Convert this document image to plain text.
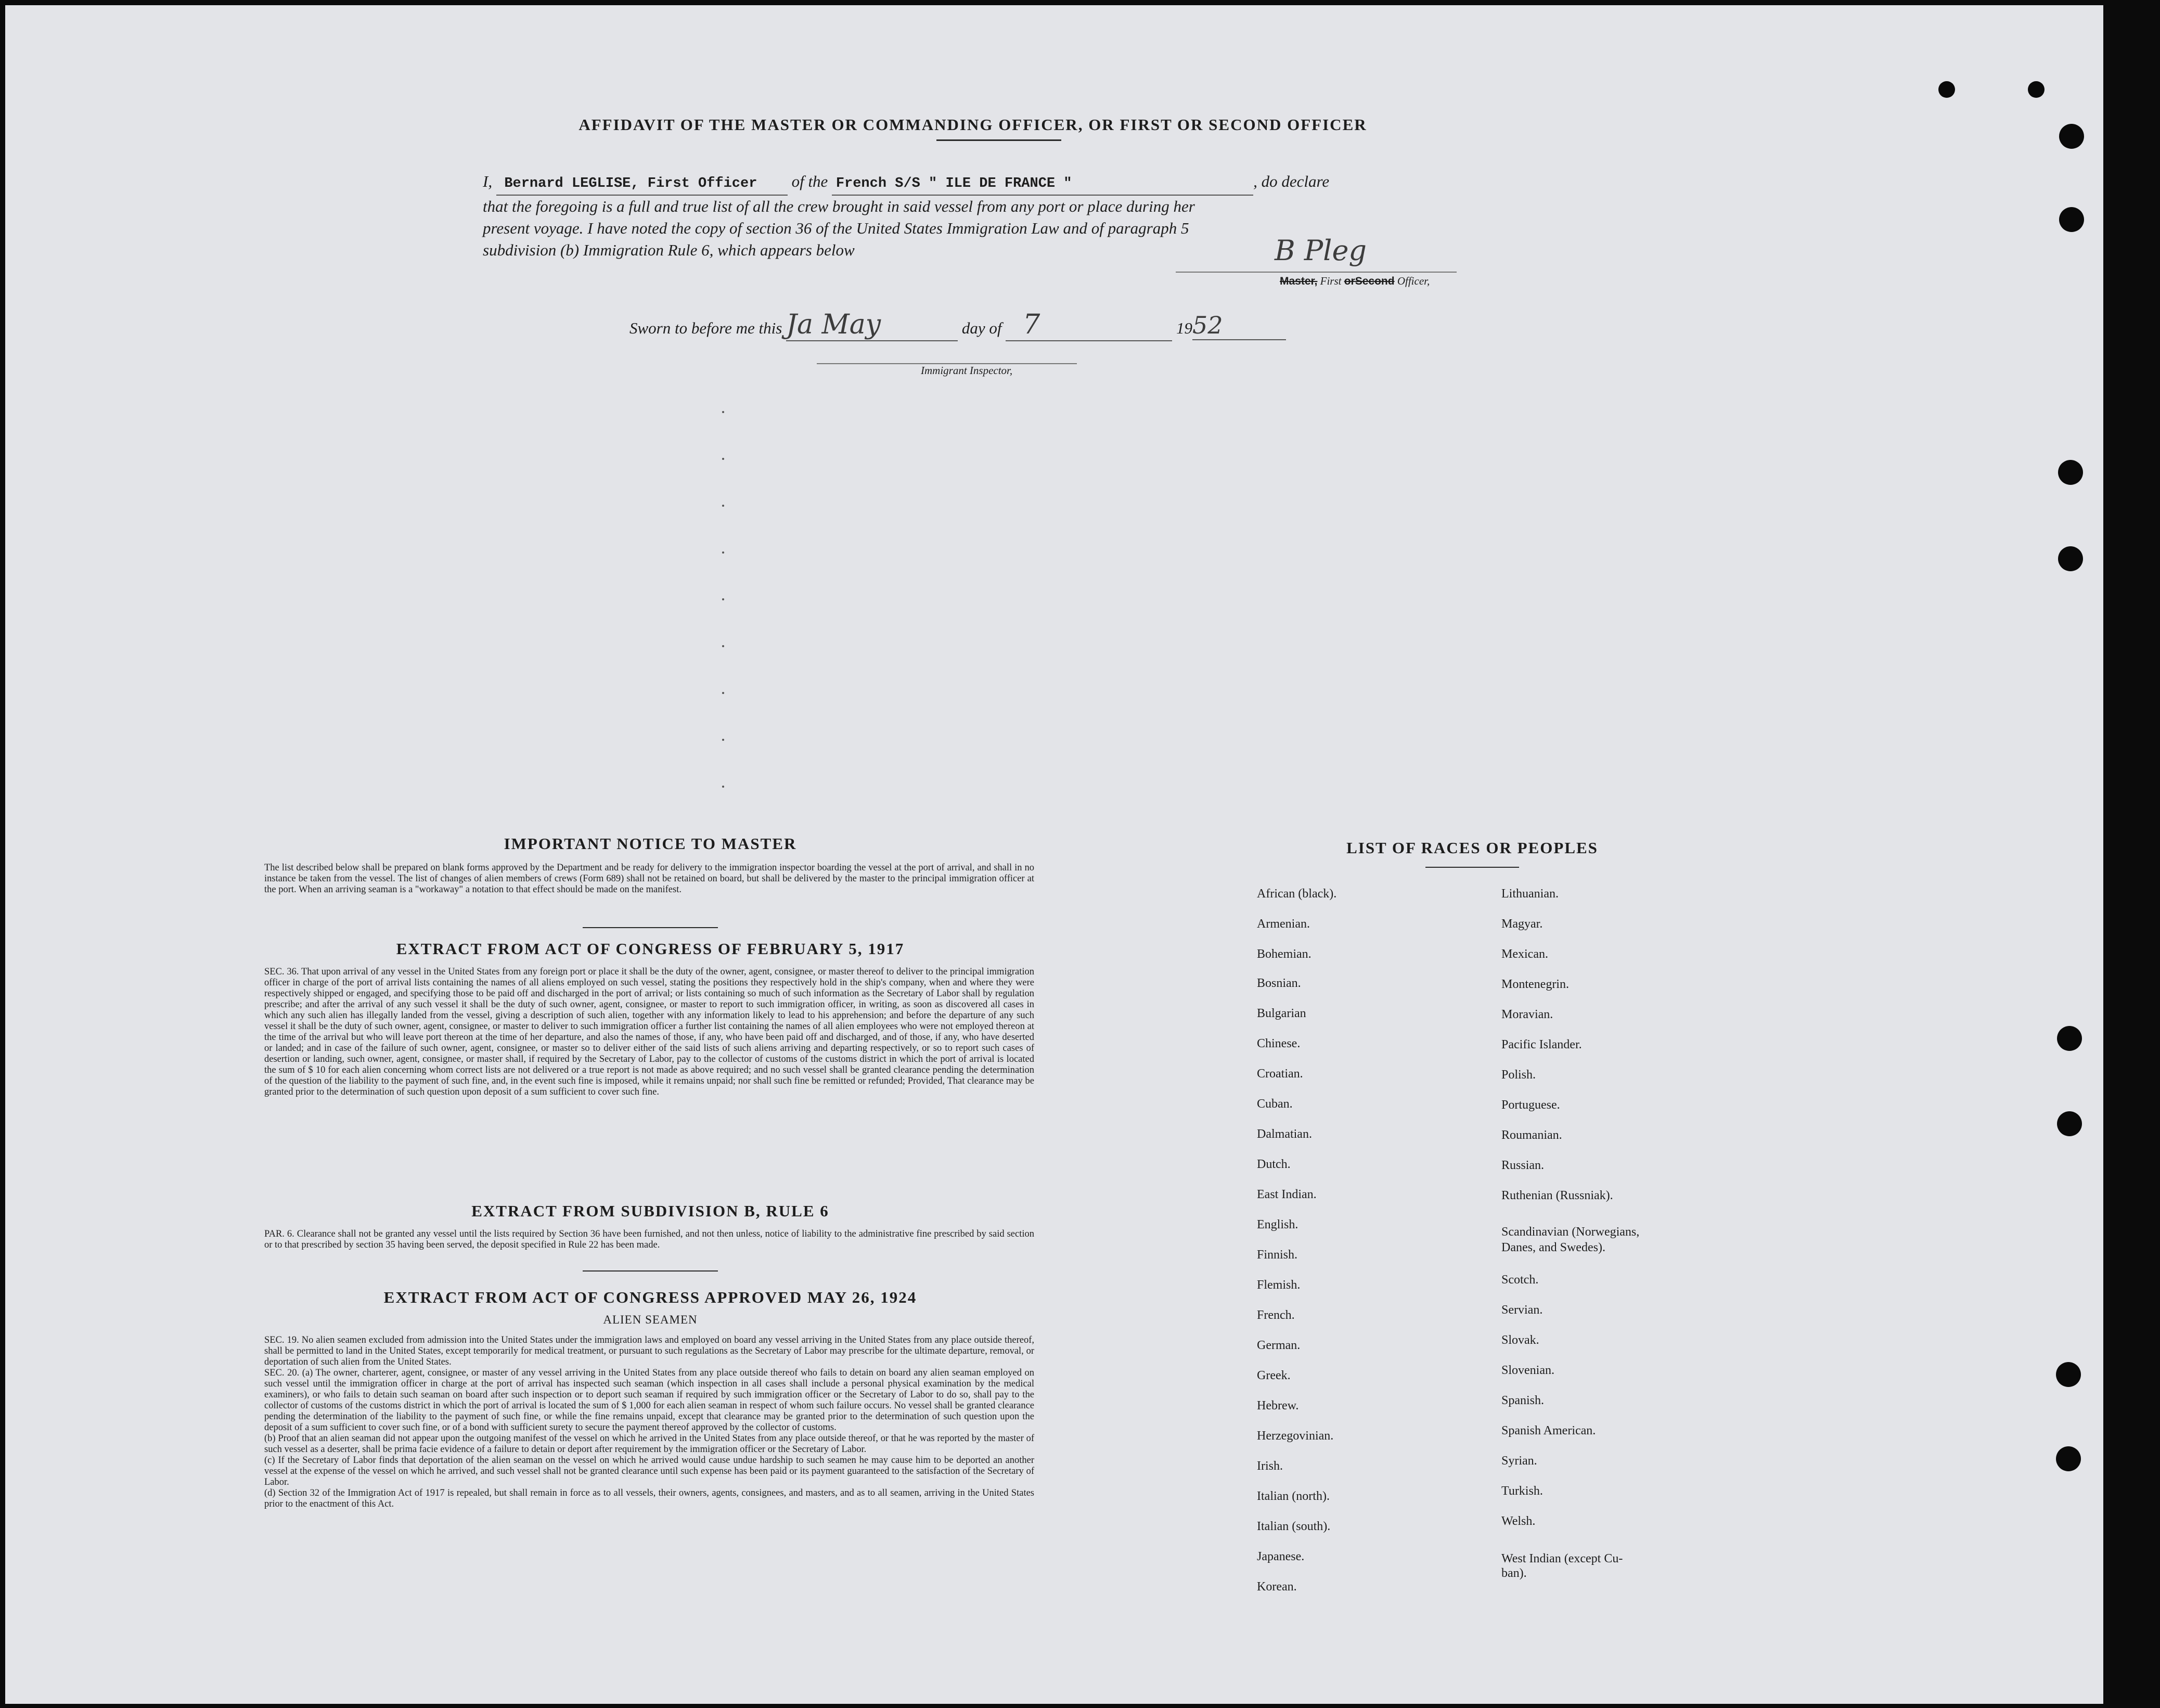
AFFIDAVIT OF THE MASTER OR COMMANDING OFFICER, OR FIRST OR SECOND OFFICER
I, Bernard LEGLISE, First Officer of the French S/S " ILE DE FRANCE "	, do declare
that the foregoing is a full and true list of all the crew brought in said vessel from any port or place during her
present voyage. I have noted the copy of section 36 of the United States Immigration Law and of paragraph 5
subdivision (b) Immigration Rule 6, which appears below	B Pleg
Master, First orSecond Officer,
Sworn to before me this Ja May	day of 7	1952
Immigrant Inspector,
IMPORTANT NOTICE TO MASTER
The list described below shall be prepared on blank forms approved by the Department and be ready for delivery to the immigration inspector boarding the vessel at the port of arrival, and shall in no instance be taken from the vessel. The list of changes of alien members of crews (Form 689) shall not be retained on board, but shall be delivered by the master to the principal immigration officer at the port. When an arriving seaman is a "workaway" a notation to that effect should be made on the manifest.
EXTRACT FROM ACT OF CONGRESS OF FEBRUARY 5, 1917
SEC. 36. That upon arrival of any vessel in the United States from any foreign port or place it shall be the duty of the owner, agent, consignee, or master thereof to deliver to the principal immigration officer in charge of the port of arrival lists containing the names of all aliens employed on such vessel, stating the positions they respectively hold in the ship's company, when and where they were respectively shipped or engaged, and specifying those to be paid off and discharged in the port of arrival; or lists containing so much of such information as the Secretary of Labor shall by regulation prescribe; and after the arrival of any such vessel it shall be the duty of such owner, agent, consignee, or master to report to such immigration officer, in writing, as soon as discovered all cases in which any such alien has illegally landed from the vessel, giving a description of such alien, together with any information likely to lead to his apprehension; and before the departure of any such vessel it shall be the duty of such owner, agent, consignee, or master to deliver to such immigration officer a further list containing the names of all alien employees who were not employed thereon at the time of the arrival but who will leave port thereon at the time of her departure, and also the names of those, if any, who have been paid off and discharged, and of those, if any, who have deserted or landed; and in case of the failure of such owner, agent, consignee, or master so to deliver either of the said lists of such aliens arriving and departing respectively, or so to report such cases of desertion or landing, such owner, agent, consignee, or master shall, if required by the Secretary of Labor, pay to the collector of customs of the customs district in which the port of arrival is located the sum of $ 10 for each alien concerning whom correct lists are not delivered or a true report is not made as above required; and no such vessel shall be granted clearance pending the determination of the question of the liability to the payment of such fine, and, in the event such fine is imposed, while it remains unpaid; nor shall such fine be remitted or refunded; Provided, That clearance may be granted prior to the determination of such question upon deposit of a sum sufficient to cover such fine.
EXTRACT FROM SUBDIVISION B, RULE 6
PAR. 6. Clearance shall not be granted any vessel until the lists required by Section 36 have been furnished, and not then unless, notice of liability to the administrative fine prescribed by said section or to that prescribed by section 35 having been served, the deposit specified in Rule 22 has been made.
EXTRACT FROM ACT OF CONGRESS APPROVED MAY 26, 1924
ALIEN SEAMEN
SEC. 19. No alien seamen excluded from admission into the United States under the immigration laws and employed on board any vessel arriving in the United States from any place outside thereof, shall be permitted to land in the United States, except temporarily for medical treatment, or pursuant to such regulations as the Secretary of Labor may prescribe for the ultimate departure, removal, or deportation of such alien from the United States.
SEC. 20. (a) The owner, charterer, agent, consignee, or master of any vessel arriving in the United States from any place outside thereof who fails to detain on board any alien seaman employed on such vessel until the immigration officer in charge at the port of arrival has inspected such seaman (which inspection in all cases shall include a personal physical examination by the medical examiners), or who fails to detain such seaman on board after such inspection or to deport such seaman if required by such immigration officer or the Secretary of Labor to do so, shall pay to the collector of customs of the customs district in which the port of arrival is located the sum of $ 1,000 for each alien seaman in respect of whom such failure occurs. No vessel shall be granted clearance pending the determination of the liability to the payment of such fine, or while the fine remains unpaid, except that clearance may be granted prior to the determination of such question upon the deposit of a sum sufficient to cover such fine, or of a bond with sufficient surety to secure the payment thereof approved by the collector of customs.
(b) Proof that an alien seaman did not appear upon the outgoing manifest of the vessel on which he arrived in the United States from any place outside thereof, or that he was reported by the master of such vessel as a deserter, shall be prima facie evidence of a failure to detain or deport after requirement by the immigration officer or the Secretary of Labor.
(c) If the Secretary of Labor finds that deportation of the alien seaman on the vessel on which he arrived would cause undue hardship to such seamen he may cause him to be deported an another vessel at the expense of the vessel on which he arrived, and such vessel shall not be granted clearance until such expense has been paid or its payment guaranteed to the satisfaction of the Secretary of Labor.
(d) Section 32 of the Immigration Act of 1917 is repealed, but shall remain in force as to all vessels, their owners, agents, consignees, and masters, and as to all seamen, arriving in the United States prior to the enactment of this Act.
LIST OF RACES OR PEOPLES
African (black).
Armenian.
Bohemian.
Bosnian.
Bulgarian
Chinese.
Croatian.
Cuban.
Dalmatian.
Dutch.
East Indian.
English.
Finnish.
Flemish.
French.
German.
Greek.
Hebrew.
Herzegovinian.
Irish.
Italian (north).
Italian (south).
Japanese.
Korean.
Lithuanian.
Magyar.
Mexican.
Montenegrin.
Moravian.
Pacific Islander.
Polish.
Portuguese.
Roumanian.
Russian.
Ruthenian (Russniak).
Scandinavian (Norwegians,
Danes, and Swedes).
Scotch.
Servian.
Slovak.
Slovenian.
Spanish.
Spanish American.
Syrian.
Turkish.
Welsh.
West Indian (except Cu-
ban).
